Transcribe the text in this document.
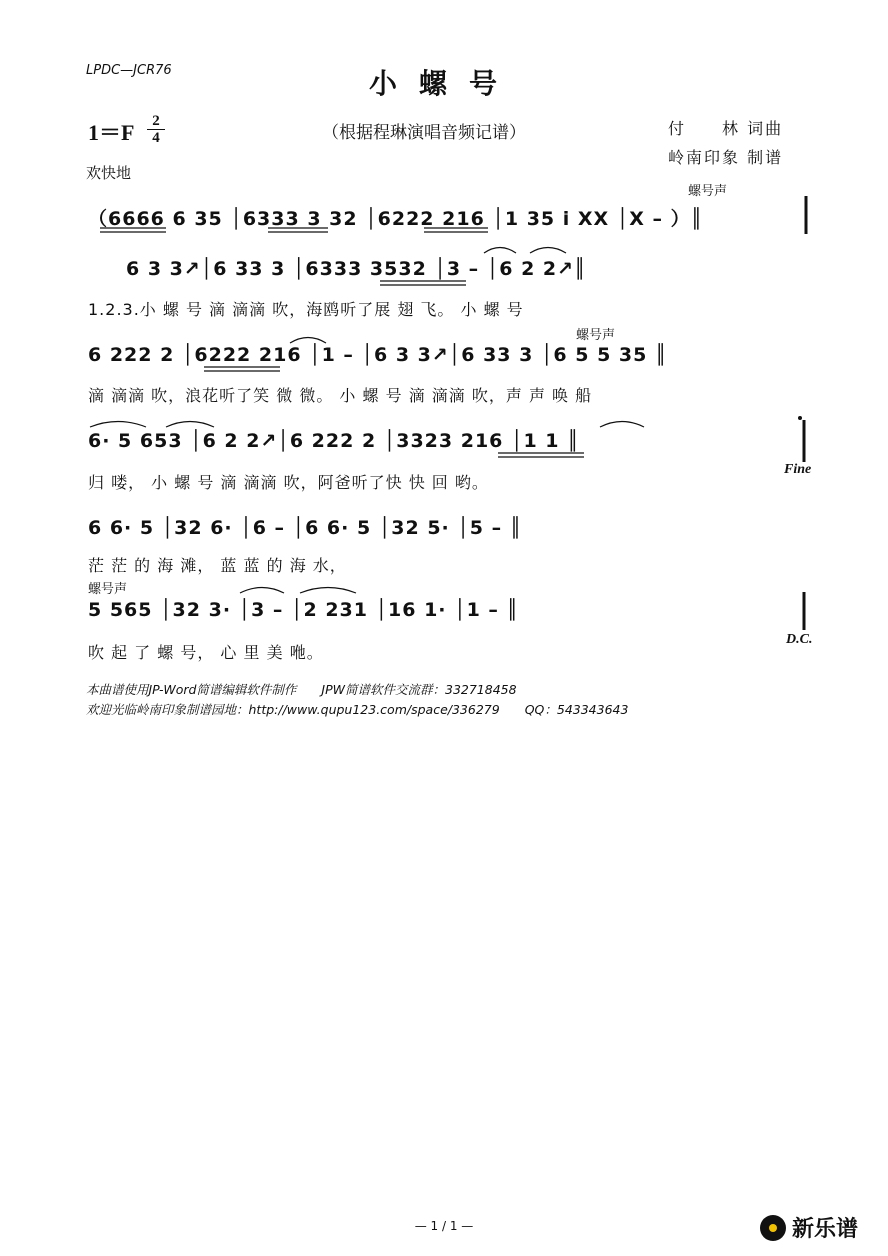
LPDC—JCR76	小螺号
1＝F	2
4	（根据程琳演唱音频记谱）	付　　林 词曲
岭南印象 制谱
欢快地
螺号声
（6666 6 35 │6333 3 32 │6222 216 │1 35 i XX │X – ）║
6 3 3↗│6 33 3 │6333 3532 │3 – │6 2 2↗║
1.2.3.小 螺 号 滴 滴滴 吹，海鸥听了展 翅 飞。 小 螺 号
螺号声
6 222 2 │6222 216 │1 – │6 3 3↗│6 33 3 │6 5 5 35 ║
滴 滴滴 吹，浪花听了笑 微 微。 小 螺 号 滴 滴滴 吹，声 声 唤 船
6· 5 653 │6 2 2↗│6 222 2 │3323 216 │1 1 ║
归 喽， 小 螺 号 滴 滴滴 吹，阿爸听了快 快 回 哟。
Fine
6 6· 5 │32 6· │6 – │6 6· 5 │32 5· │5 – ║
茫 茫 的 海 滩， 蓝 蓝 的 海 水，
螺号声
5 565 │32 3· │3 – │2 231 │16 1· │1 – ║
吹 起 了 螺 号， 心 里 美 咃。
D.C.
本曲谱使用JP-Word简谱编辑软件制作　　JPW简谱软件交流群：332718458
欢迎光临岭南印象制谱园地：http://www.qupu123.com/space/336279　　QQ：543343643
— 1 / 1 —	新乐谱
